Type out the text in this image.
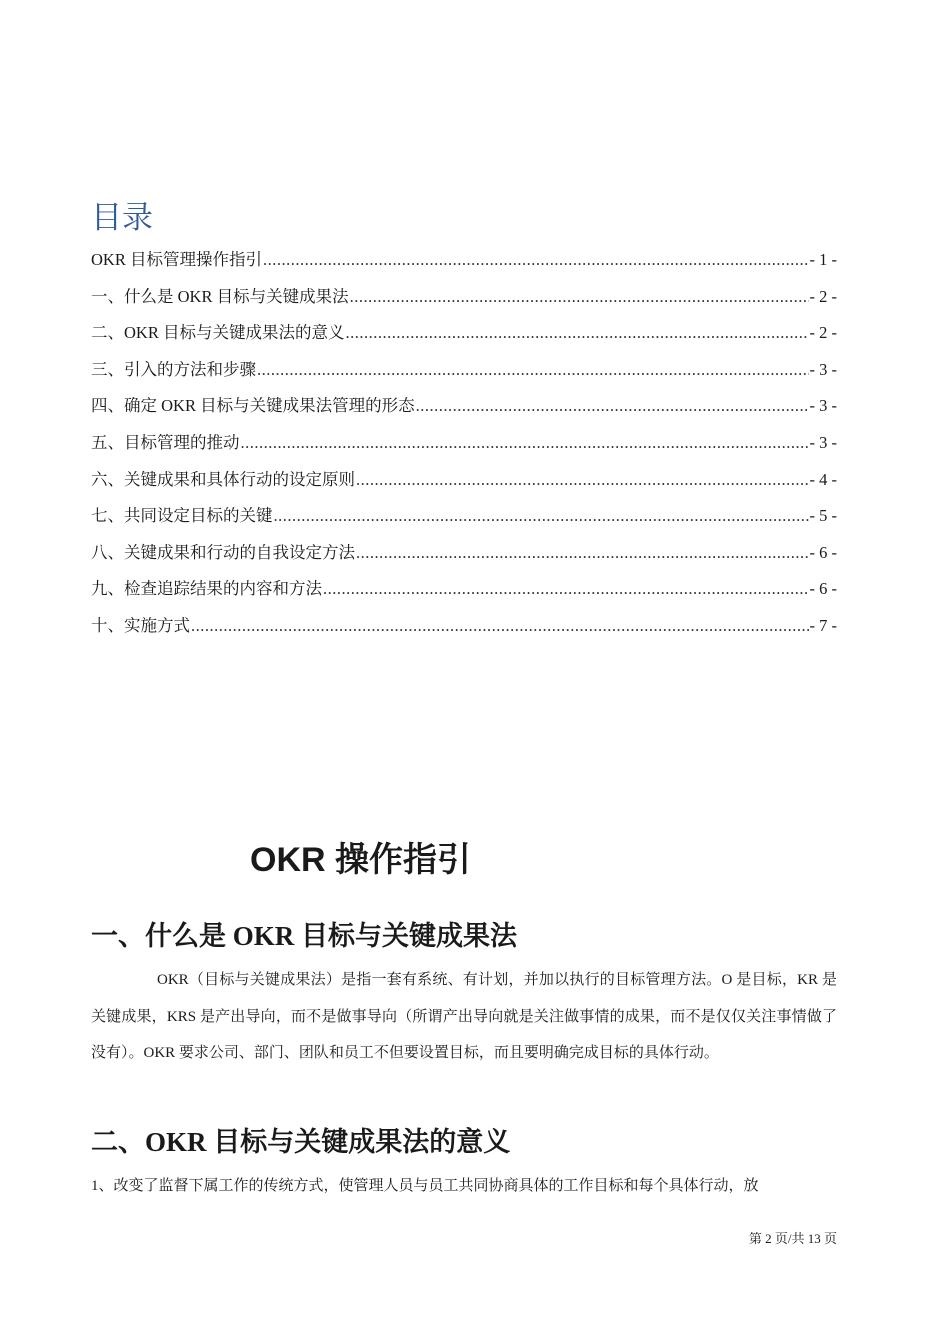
目录
OKR 目标管理操作指引 .....	- 1 -
一、什么是 OKR 目标与关键成果法 .....	- 2 -
二、OKR 目标与关键成果法的意义 .....	- 2 -
三、引入的方法和步骤 .....	- 3 -
四、确定 OKR 目标与关键成果法管理的形态 .....	- 3 -
五、目标管理的推动 .....	- 3 -
六、关键成果和具体行动的设定原则 .....	- 4 -
七、共同设定目标的关键 .....	- 5 -
八、关键成果和行动的自我设定方法 .....	- 6 -
九、检查追踪结果的内容和方法 .....	- 6 -
十、实施方式 .....	- 7 -
OKR 操作指引
一、什么是 OKR 目标与关键成果法
OKR（目标与关键成果法）是指一套有系统、有计划，并加以执行的目标管理方法。O 是目标，KR 是关键成果，KRS 是产出导向，而不是做事导向（所谓产出导向就是关注做事情的成果，而不是仅仅关注事情做了没有）。OKR 要求公司、部门、团队和员工不但要设置目标，而且要明确完成目标的具体行动。
二、OKR 目标与关键成果法的意义
1、改变了监督下属工作的传统方式，使管理人员与员工共同协商具体的工作目标和每个具体行动，放
第 2 页/共 13 页
